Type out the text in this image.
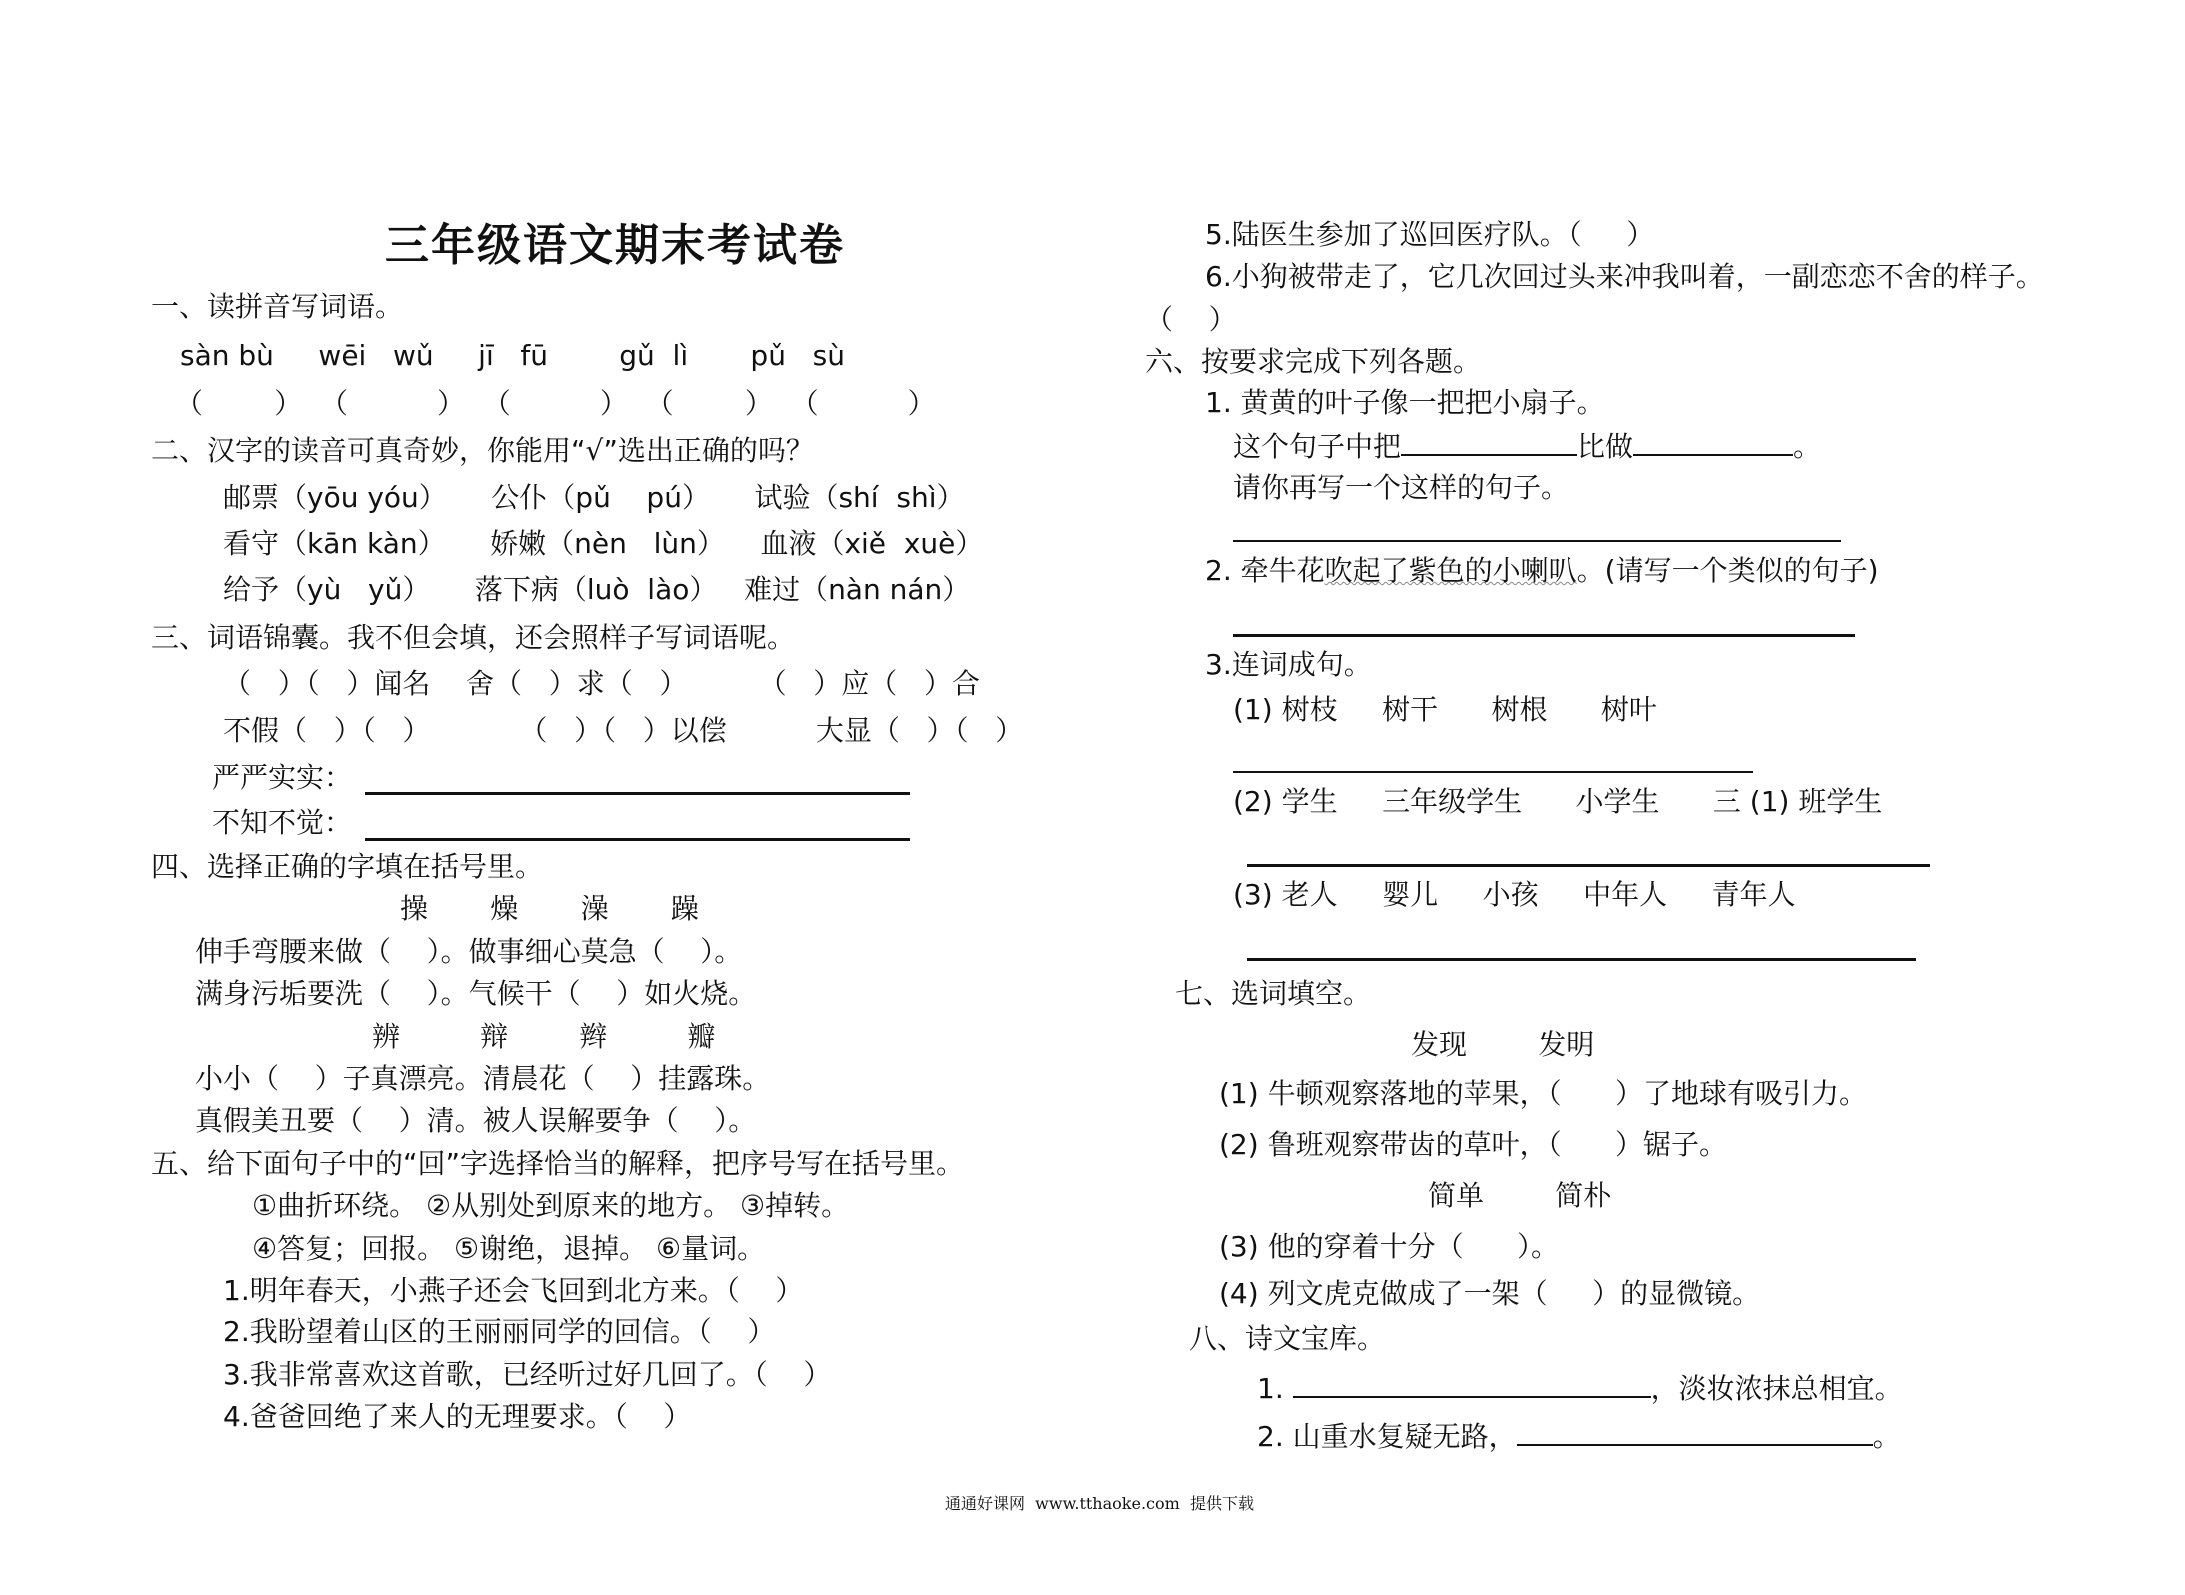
三年级语文期末考试卷
一、读拼音写词语。
sàn bù     wēi   wǔ     jī   fū        gǔ  lì       pǔ   sù
（        ）  （          ）  （          ）  （        ）  （          ）
二、汉字的读音可真奇妙，你能用“√”选出正确的吗？
邮票（yōu yóu）     公仆（pǔ    pú）     试验（shí  shì）
看守（kān kàn）     娇嫩（nèn   lùn）    血液（xiě  xuè）
给予（yù   yǔ）     落下病（luò  lào）   难过（nàn nán）
三、词语锦囊。我不但会填，还会照样子写词语呢。
（   ）（   ）闻名    舍（   ）求（   ）        （   ）应（   ）合
不假（   ）（   ）          （   ）（   ）以偿          大显（   ）（   ）
严严实实：
不知不觉：
四、选择正确的字填在括号里。
操       燥       澡       躁
伸手弯腰来做（    ）。做事细心莫急（    ）。
满身污垢要洗（    ）。气候干（    ）如火烧。
辨         辩        辫         瓣
小小（    ）子真漂亮。清晨花（    ）挂露珠。
真假美丑要（    ）清。被人误解要争（    ）。
五、给下面句子中的“回”字选择恰当的解释，把序号写在括号里。
①曲折环绕。 ②从别处到原来的地方。 ③掉转。
④答复；回报。 ⑤谢绝，退掉。 ⑥量词。
1.明年春天，小燕子还会飞回到北方来。（    ）
2.我盼望着山区的王丽丽同学的回信。（    ）
3.我非常喜欢这首歌，已经听过好几回了。（    ）
4.爸爸回绝了来人的无理要求。（    ）
5.陆医生参加了巡回医疗队。（     ）
6.小狗被带走了，它几次回过头来冲我叫着，一副恋恋不舍的样子。
（    ）
六、按要求完成下列各题。
1. 黄黄的叶子像一把把小扇子。
这个句子中把	比做	。
请你再写一个这样的句子。
2. 牵牛花吹起了紫色的小喇叭。(请写一个类似的句子)
3.连词成句。
(1) 树枝     树干      树根      树叶
(2) 学生     三年级学生      小学生      三 (1) 班学生
(3) 老人     婴儿     小孩     中年人     青年人
七、选词填空。
发现        发明
(1) 牛顿观察落地的苹果，（      ）了地球有吸引力。
(2) 鲁班观察带齿的草叶，（      ）锯子。
简单        简朴
(3) 他的穿着十分（      ）。
(4) 列文虎克做成了一架（     ）的显微镜。
八、诗文宝库。
1.	，淡妆浓抹总相宜。
2. 山重水复疑无路，	。
通通好课网  www.tthaoke.com  提供下载
